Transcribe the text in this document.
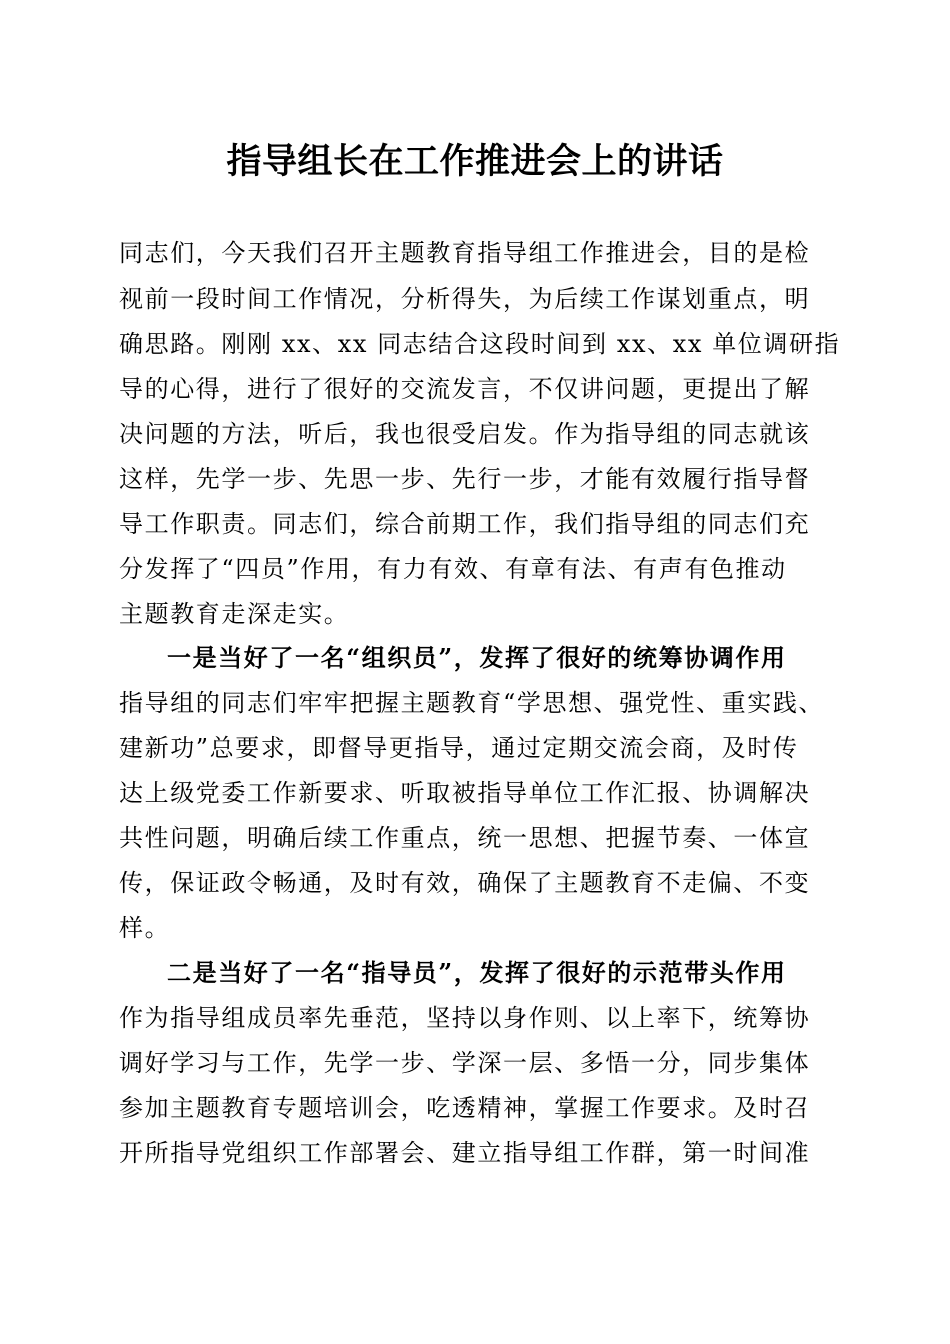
指导组长在工作推进会上的讲话
同志们，今天我们召开主题教育指导组工作推进会，目的是检
视前一段时间工作情况，分析得失，为后续工作谋划重点，明
确思路。刚刚 xx、xx 同志结合这段时间到 xx、xx 单位调研指
导的心得，进行了很好的交流发言，不仅讲问题，更提出了解
决问题的方法，听后，我也很受启发。作为指导组的同志就该
这样，先学一步、先思一步、先行一步，才能有效履行指导督
导工作职责。同志们，综合前期工作，我们指导组的同志们充
分发挥了“四员”作用，有力有效、有章有法、有声有色推动
主题教育走深走实。
一是当好了一名“组织员”，发挥了很好的统筹协调作用
指导组的同志们牢牢把握主题教育“学思想、强党性、重实践、
建新功”总要求，即督导更指导，通过定期交流会商，及时传
达上级党委工作新要求、听取被指导单位工作汇报、协调解决
共性问题，明确后续工作重点，统一思想、把握节奏、一体宣
传，保证政令畅通，及时有效，确保了主题教育不走偏、不变
样。
二是当好了一名“指导员”，发挥了很好的示范带头作用
作为指导组成员率先垂范，坚持以身作则、以上率下，统筹协
调好学习与工作，先学一步、学深一层、多悟一分，同步集体
参加主题教育专题培训会，吃透精神，掌握工作要求。及时召
开所指导党组织工作部署会、建立指导组工作群，第一时间准
